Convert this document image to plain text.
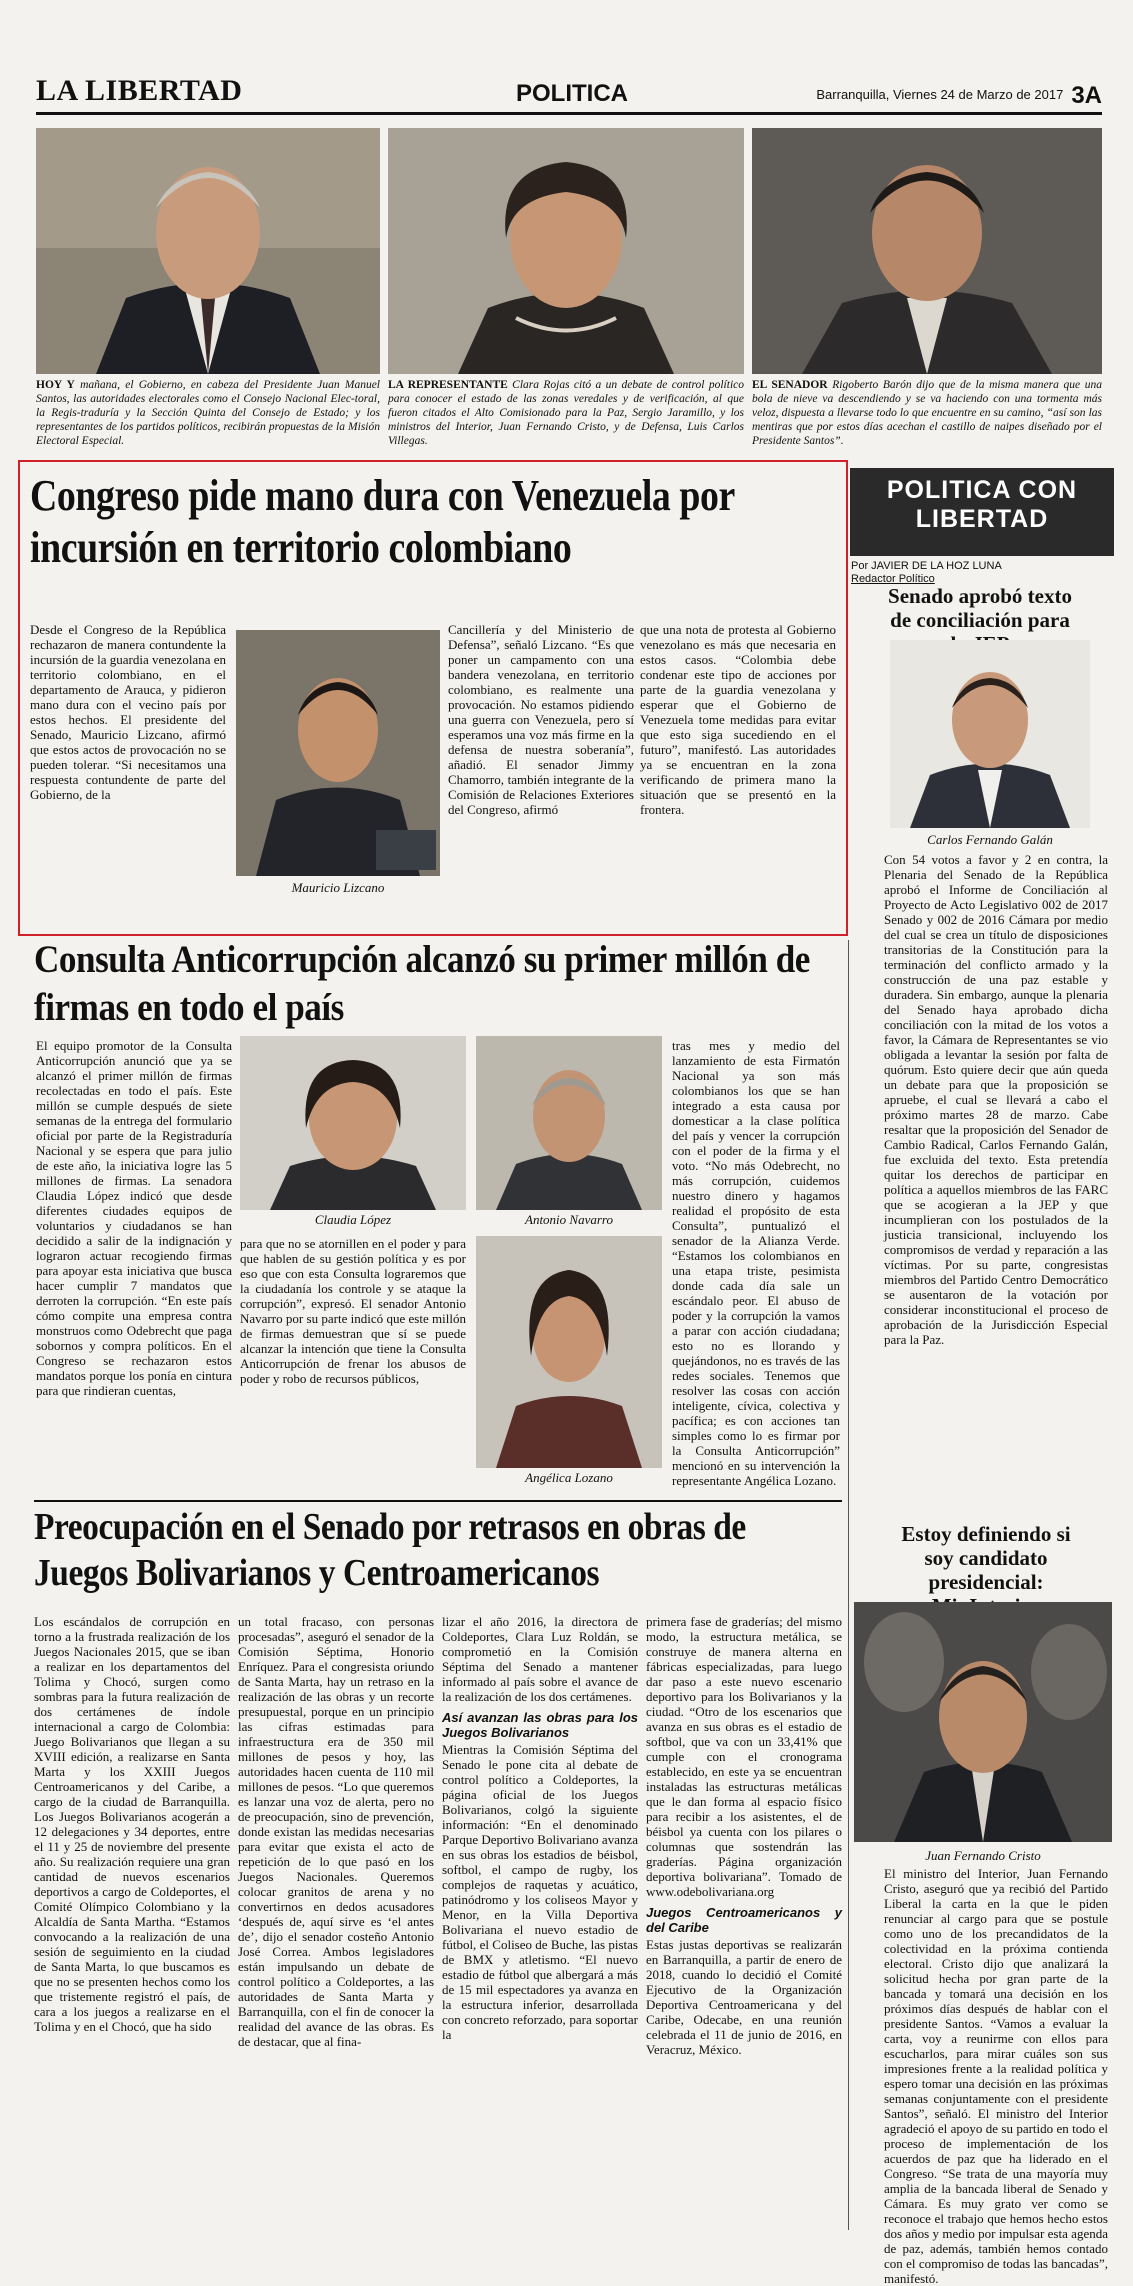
LA LIBERTAD	POLITICA	Barranquilla, Viernes 24 de Marzo de 2017 3A
HOY Y mañana, el Gobierno, en cabeza del Presidente Juan Manuel Santos, las autoridades electorales como el Consejo Nacional Elec-toral, la Regis-traduría y la Sección Quinta del Consejo de Estado; y los representantes de los partidos políticos, recibirán propuestas de la Misión Electoral Especial.
LA REPRESENTANTE Clara Rojas citó a un debate de control político para conocer el estado de las zonas veredales y de verificación, al que fueron citados el Alto Comisionado para la Paz, Sergio Jaramillo, y los ministros del Interior, Juan Fernando Cristo, y de Defensa, Luis Carlos Villegas.
EL SENADOR Rigoberto Barón dijo que de la misma manera que una bola de nieve va descendiendo y se va haciendo con una tormenta más veloz, dispuesta a llevarse todo lo que encuentre en su camino, “así son las mentiras que por estos días acechan el castillo de naipes diseñado por el Presidente Santos”.
Congreso pide mano dura con Venezuela por incursión en territorio colombiano
Desde el Congreso de la República rechazaron de manera contundente la incursión de la guardia venezolana en territorio colombiano, en el departamento de Arauca, y pidieron mano dura con el vecino país por estos hechos. El presidente del Senado, Mauricio Lizcano, afirmó que estos actos de provocación no se pueden tolerar. “Si necesitamos una respuesta contundente de parte del Gobierno, de la
Mauricio Lizcano
Cancillería y del Ministerio de Defensa”, señaló Lizcano. “Es que poner un campamento con una bandera venezolana, en territorio colombiano, es realmente una provocación. No estamos pidiendo una guerra con Venezuela, pero sí esperamos una voz más firme en la defensa de nuestra soberanía”, añadió. El senador Jimmy Chamorro, también integrante de la Comisión de Relaciones Exteriores del Congreso, afirmó
que una nota de protesta al Gobierno venezolano es más que necesaria en estos casos. “Colombia debe condenar este tipo de acciones por parte de la guardia venezolana y esperar que el Gobierno de Venezuela tome medidas para evitar que esto siga sucediendo en el futuro”, manifestó. Las autoridades ya se encuentran en la zona verificando de primera mano la situación que se presentó en la frontera.
POLITICA CON
LIBERTAD
Por JAVIER DE LA HOZ LUNA
Redactor Político
Senado aprobó texto de conciliación para
Carlos Fernando Galán
Con 54 votos a favor y 2 en contra, la Plenaria del Senado de la República aprobó el Informe de Conciliación al Proyecto de Acto Legislativo 002 de 2017 Senado y 002 de 2016 Cámara por medio del cual se crea un título de disposiciones transitorias de la Constitución para la terminación del conflicto armado y la construcción de una paz estable y duradera. Sin embargo, aunque la plenaria del Senado haya aprobado dicha conciliación con la mitad de los votos a favor, la Cámara de Representantes se vio obligada a levantar la sesión por falta de quórum. Esto quiere decir que aún queda un debate para que la proposición se apruebe, el cual se llevará a cabo el próximo martes 28 de marzo. Cabe resaltar que la proposición del Senador de Cambio Radical, Carlos Fernando Galán, fue excluida del texto. Esta pretendía quitar los derechos de participar en política a aquellos miembros de las FARC que se acogieran a la JEP y que incumplieran con los postulados de la justicia transicional, incluyendo los compromisos de verdad y reparación a las víctimas. Por su parte, congresistas miembros del Partido Centro Democrático se ausentaron de la votación por considerar inconstitucional el proceso de aprobación de la Jurisdicción Especial para la Paz.
Estoy definiendo si soy candidato presidencial:
Juan Fernando Cristo
El ministro del Interior, Juan Fernando Cristo, aseguró que ya recibió del Partido Liberal la carta en la que le piden renunciar al cargo para que se postule como uno de los precandidatos de la colectividad en la próxima contienda electoral. Cristo dijo que analizará la solicitud hecha por gran parte de la bancada y tomará una decisión en los próximos días después de hablar con el presidente Santos. “Vamos a evaluar la carta, voy a reunirme con ellos para escucharlos, para mirar cuáles son sus impresiones frente a la realidad política y espero tomar una decisión en las próximas semanas conjuntamente con el presidente Santos”, señaló. El ministro del Interior agradeció el apoyo de su partido en todo el proceso de implementación de los acuerdos de paz que ha liderado en el Congreso. “Se trata de una mayoría muy amplia de la bancada liberal de Senado y Cámara. Es muy grato ver como se reconoce el trabajo que hemos hecho estos dos años y medio por impulsar esta agenda de paz, además, también hemos contado con el compromiso de todas las bancadas”, manifestó.
Consulta Anticorrupción alcanzó su primer millón de firmas en todo el país
El equipo promotor de la Consulta Anticorrupción anunció que ya se alcanzó el primer millón de firmas recolectadas en todo el país. Este millón se cumple después de siete semanas de la entrega del formulario oficial por parte de la Registraduría Nacional y se espera que para julio de este año, la iniciativa logre las 5 millones de firmas. La senadora Claudia López indicó que desde diferentes ciudades equipos de voluntarios y ciudadanos se han decidido a salir de la indignación y lograron actuar recogiendo firmas para apoyar esta iniciativa que busca hacer cumplir 7 mandatos que derroten la corrupción. “En este país cómo compite una empresa contra monstruos como Odebrecht que paga sobornos y compra políticos. En el Congreso se rechazaron estos mandatos porque los ponía en cintura para que rindieran cuentas,
Claudia López	Antonio Navarro
para que no se atornillen en el poder y para que hablen de su gestión política y es por eso que con esta Consulta lograremos que la ciudadanía los controle y se ataque la corrupción”, expresó. El senador Antonio Navarro por su parte indicó que este millón de firmas demuestran que sí se puede alcanzar la intención que tiene la Consulta Anticorrupción de frenar los abusos de poder y robo de recursos públicos,
Angélica Lozano
tras mes y medio del lanzamiento de esta Firmatón Nacional ya son más colombianos los que se han integrado a esta causa por domesticar a la clase política del país y vencer la corrupción con el poder de la firma y el voto. “No más Odebrecht, no más corrupción, cuidemos nuestro dinero y hagamos realidad el propósito de esta Consulta”, puntualizó el senador de la Alianza Verde. “Estamos los colombianos en una etapa triste, pesimista donde cada día sale un escándalo peor. El abuso de poder y la corrupción la vamos a parar con acción ciudadana; esto no es llorando y quejándonos, no es través de las redes sociales. Tenemos que resolver las cosas con acción inteligente, cívica, colectiva y pacífica; es con acciones tan simples como lo es firmar por la Consulta Anticorrupción” mencionó en su intervención la representante Angélica Lozano.
Preocupación en el Senado por retrasos en obras de Juegos Bolivarianos y Centroamericanos
Los escándalos de corrupción en torno a la frustrada realización de los Juegos Nacionales 2015, que se iban a realizar en los departamentos del Tolima y Chocó, surgen como sombras para la futura realización de dos certámenes de índole internacional a cargo de Colombia: Juego Bolivarianos que llegan a su XVIII edición, a realizarse en Santa Marta y los XXIII Juegos Centroamericanos y del Caribe, a cargo de la ciudad de Barranquilla. Los Juegos Bolivarianos acogerán a 12 delegaciones y 34 deportes, entre el 11 y 25 de noviembre del presente año. Su realización requiere una gran cantidad de nuevos escenarios deportivos a cargo de Coldeportes, el Comité Olímpico Colombiano y la Alcaldía de Santa Martha. “Estamos convocando a la realización de una sesión de seguimiento en la ciudad de Santa Marta, lo que buscamos es que no se presenten hechos como los que tristemente registró el país, de cara a los juegos a realizarse en el Tolima y en el Chocó, que ha sido
un total fracaso, con personas procesadas”, aseguró el senador de la Comisión Séptima, Honorio Enríquez. Para el congresista oriundo de Santa Marta, hay un retraso en la realización de las obras y un recorte presupuestal, porque en un principio las cifras estimadas para infraestructura era de 350 mil millones de pesos y hoy, las autoridades hacen cuenta de 110 mil millones de pesos. “Lo que queremos es lanzar una voz de alerta, pero no de preocupación, sino de prevención, donde existan las medidas necesarias para evitar que exista el acto de repetición de lo que pasó en los Juegos Nacionales. Queremos colocar granitos de arena y no convertirnos en dedos acusadores ‘después de, aquí sirve es ‘el antes de’, dijo el senador costeño Antonio José Correa. Ambos legisladores están impulsando un debate de control político a Coldeportes, a las autoridades de Santa Marta y Barranquilla, con el fin de conocer la realidad del avance de las obras. Es de destacar, que al fina-
lizar el año 2016, la directora de Coldeportes, Clara Luz Roldán, se comprometió en la Comisión Séptima del Senado a mantener informado al país sobre el avance de la realización de los dos certámenes.
Así avanzan las obras para los Juegos Bolivarianos
Mientras la Comisión Séptima del Senado le pone cita al debate de control político a Coldeportes, la página oficial de los Juegos Bolivarianos, colgó la siguiente información: “En el denominado Parque Deportivo Bolivariano avanza en sus obras los estadios de béisbol, softbol, el campo de rugby, los complejos de raquetas y acuático, patinódromo y los coliseos Mayor y Menor, en la Villa Deportiva Bolivariana el nuevo estadio de fútbol, el Coliseo de Buche, las pistas de BMX y atletismo. “El nuevo estadio de fútbol que albergará a más de 15 mil espectadores ya avanza en la estructura inferior, desarrollada con concreto reforzado, para soportar la
primera fase de graderías; del mismo modo, la estructura metálica, se construye de manera alterna en fábricas especializadas, para luego dar paso a este nuevo escenario deportivo para los Bolivarianos y la ciudad. “Otro de los escenarios que avanza en sus obras es el estadio de softbol, que va con un 33,41% que cumple con el cronograma establecido, en este ya se encuentran instaladas las estructuras metálicas que le dan forma al espacio físico para recibir a los asistentes, el de béisbol ya cuenta con los pilares o columnas que sostendrán las graderías. Página organización deportiva bolivariana”. Tomado de www.odebolivariana.org
Juegos Centroamericanos y del Caribe
Estas justas deportivas se realizarán en Barranquilla, a partir de enero de 2018, cuando lo decidió el Comité Ejecutivo de la Organización Deportiva Centroamericana y del Caribe, Odecabe, en una reunión celebrada el 11 de junio de 2016, en Veracruz, México.
